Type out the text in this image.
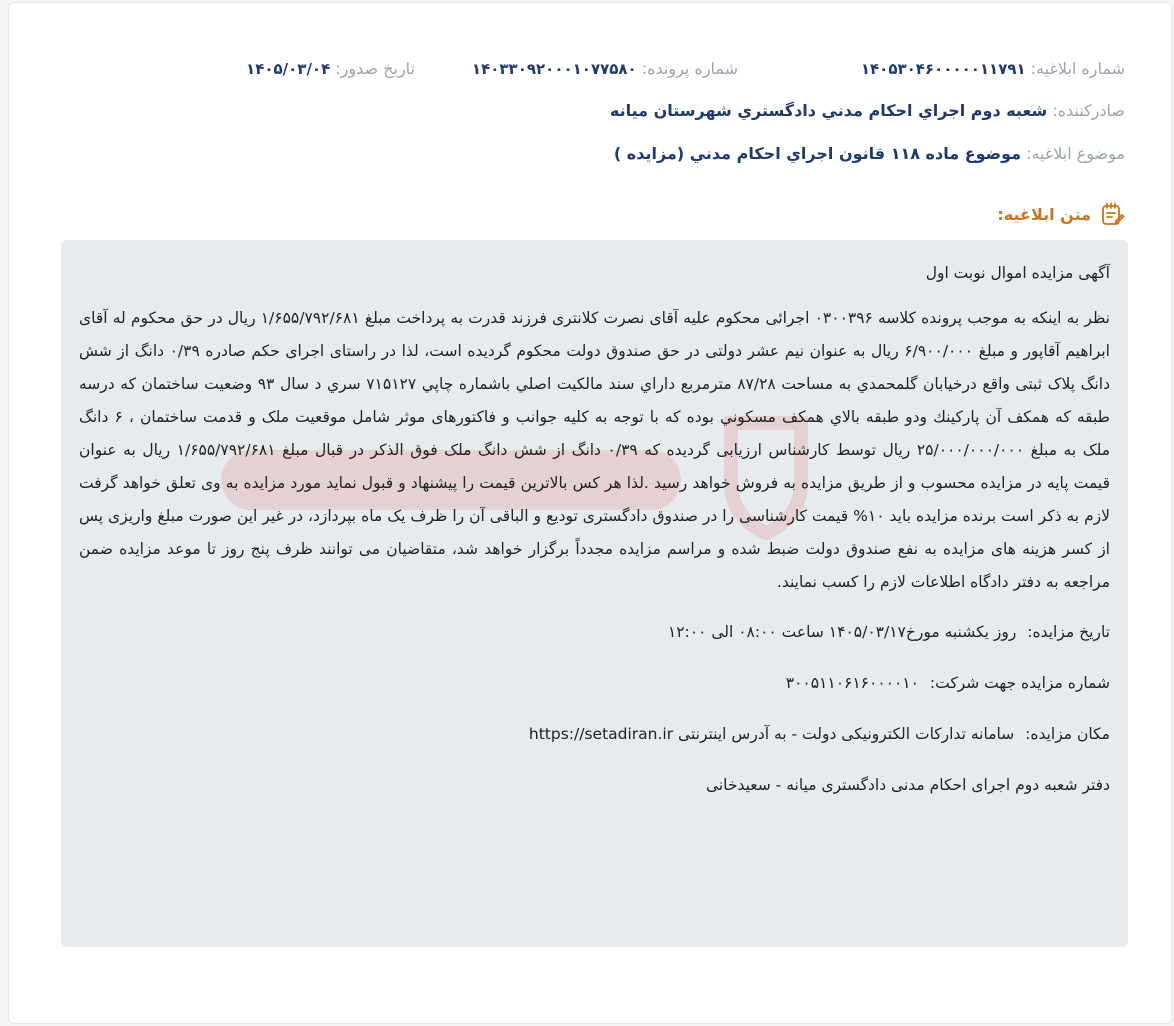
شماره ابلاغیه
:
۱۴۰۵۳۰۴۶۰۰۰۰۰۱۱۷۹۱
شماره پرونده
:
۱۴۰۳۳۰۹۲۰۰۰۱۰۷۷۵۸۰
تاریخ صدور
:
۱۴۰۵/۰۳/۰۴
صادرکننده
:
شعبه دوم اجراي احكام مدني دادگستري شهرستان ميانه
موضوع ابلاغیه
:
موضوع ماده ۱۱۸ قانون اجراي احكام مدني (مزايده )
متن ابلاغیه:
آگهی مزایده اموال نوبت اول

نظر به اینکه به موجب پرونده کلاسه ۰۳۰۰۳۹۶ اجرائی محکوم علیه آقای نصرت کلانتری فرزند قدرت به پرداخت مبلغ ۱/۶۵۵/۷۹۲/۶۸۱ ریال در حق محکوم له آقای ابراهیم آقاپور و مبلغ ۶/۹۰۰/۰۰۰ ریال به عنوان نیم عشر دولتی در حق صندوق دولت محکوم گردیده است، لذا در راستای اجرای حکم صادره ۰/۳۹ دانگ از شش دانگ پلاک ثبتی واقع درخيابان گلمحمدي به مساحت ۸۷/۲۸ مترمربع داراي سند مالكيت اصلي باشماره چاپي ۷۱۵۱۲۷ سري د سال ۹۳ وضعیت ساختمان که درسه طبقه که همکف آن پارکینك ودو طبقه بالاي همكف مسكوني بوده كه با توجه به كليه جوانب و فاكتورهای موثر شامل موقعیت ملک و قدمت ساختمان ، ۶ دانگ ملک به مبلغ ۲۵/۰۰۰/۰۰۰/۰۰۰ ریال توسط کارشناس ارزیابی گردیده که ۰/۳۹ دانگ از شش دانگ ملک فوق الذکر در قبال مبلغ ۱/۶۵۵/۷۹۲/۶۸۱ ریال به عنوان قیمت پایه در مزایده محسوب و از طریق مزایده به فروش خواهد رسید .لذا هر کس بالاترین قیمت را پیشنهاد و قبول نماید مورد مزایده به وی تعلق خواهد گرفت لازم به ذکر است برنده مزایده باید ۱۰% قیمت کارشناسی را در صندوق دادگستری تودیع و الباقی آن را ظرف یک ماه بپردازد، در غیر این صورت مبلغ واریزی پس از کسر هزینه های مزایده به نفع صندوق دولت ضبط شده و مراسم مزایده مجدداً برگزار خواهد شد، متقاضیان می توانند ظرف پنج روز تا موعد مزایده ضمن مراجعه به دفتر دادگاه اطلاعات لازم را کسب نمایند.

تاریخ مزایده: روز یکشنبه مورخ۱۴۰۵/۰۳/۱۷ ساعت ۰۸:۰۰ الی ۱۲:۰۰
شماره مزایده جهت شرکت: ۳۰۰۵۱۱۰۶۱۶۰۰۰۰۱۰
مکان مزایده: سامانه تدارکات الکترونیکی دولت - به آدرس اینترنتی https://setadiran.ir
دفتر شعبه دوم اجرای احکام مدنی دادگستری میانه - سعیدخانی
